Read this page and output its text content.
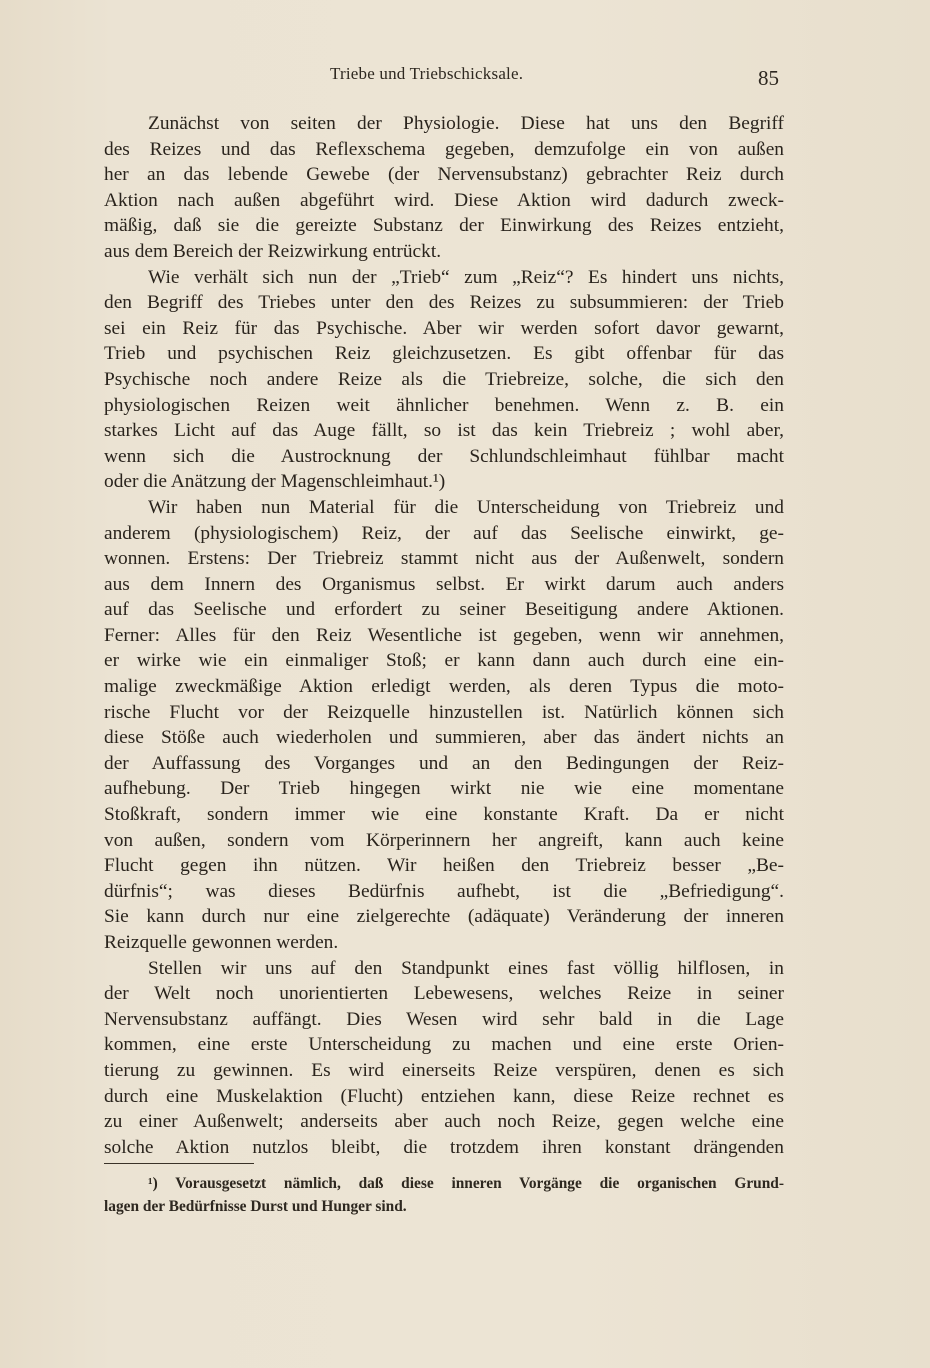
Triebe und Triebschicksale.	85
Zunächst von seiten der Physiologie. Diese hat uns den Begriff
des Reizes und das Reflexschema gegeben, demzufolge ein von außen
her an das lebende Gewebe (der Nervensubstanz) gebrachter Reiz durch
Aktion nach außen abgeführt wird. Diese Aktion wird dadurch zweck-
mäßig, daß sie die gereizte Substanz der Einwirkung des Reizes entzieht,
aus dem Bereich der Reizwirkung entrückt.
Wie verhält sich nun der „Trieb“ zum „Reiz“? Es hindert uns nichts,
den Begriff des Triebes unter den des Reizes zu subsummieren: der Trieb
sei ein Reiz für das Psychische. Aber wir werden sofort davor gewarnt,
Trieb und psychischen Reiz gleichzusetzen. Es gibt offenbar für das
Psychische noch andere Reize als die Triebreize, solche, die sich den
physiologischen Reizen weit ähnlicher benehmen. Wenn z. B. ein
starkes Licht auf das Auge fällt, so ist das kein Triebreiz ; wohl aber,
wenn sich die Austrocknung der Schlundschleimhaut fühlbar macht
oder die Anätzung der Magenschleimhaut.¹)
Wir haben nun Material für die Unterscheidung von Triebreiz und
anderem (physiologischem) Reiz, der auf das Seelische einwirkt, ge-
wonnen. Erstens: Der Triebreiz stammt nicht aus der Außenwelt, sondern
aus dem Innern des Organismus selbst. Er wirkt darum auch anders
auf das Seelische und erfordert zu seiner Beseitigung andere Aktionen.
Ferner: Alles für den Reiz Wesentliche ist gegeben, wenn wir annehmen,
er wirke wie ein einmaliger Stoß; er kann dann auch durch eine ein-
malige zweckmäßige Aktion erledigt werden, als deren Typus die moto-
rische Flucht vor der Reizquelle hinzustellen ist. Natürlich können sich
diese Stöße auch wiederholen und summieren, aber das ändert nichts an
der Auffassung des Vorganges und an den Bedingungen der Reiz-
aufhebung. Der Trieb hingegen wirkt nie wie eine momentane
Stoßkraft, sondern immer wie eine konstante Kraft. Da er nicht
von außen, sondern vom Körperinnern her angreift, kann auch keine
Flucht gegen ihn nützen. Wir heißen den Triebreiz besser „Be-
dürfnis“; was dieses Bedürfnis aufhebt, ist die „Befriedigung“.
Sie kann durch nur eine zielgerechte (adäquate) Veränderung der inneren
Reizquelle gewonnen werden.
Stellen wir uns auf den Standpunkt eines fast völlig hilflosen, in
der Welt noch unorientierten Lebewesens, welches Reize in seiner
Nervensubstanz auffängt. Dies Wesen wird sehr bald in die Lage
kommen, eine erste Unterscheidung zu machen und eine erste Orien-
tierung zu gewinnen. Es wird einerseits Reize verspüren, denen es sich
durch eine Muskelaktion (Flucht) entziehen kann, diese Reize rechnet es
zu einer Außenwelt; anderseits aber auch noch Reize, gegen welche eine
solche Aktion nutzlos bleibt, die trotzdem ihren konstant drängenden
¹) Vorausgesetzt nämlich, daß diese inneren Vorgänge die organischen Grund-
lagen der Bedürfnisse Durst und Hunger sind.
